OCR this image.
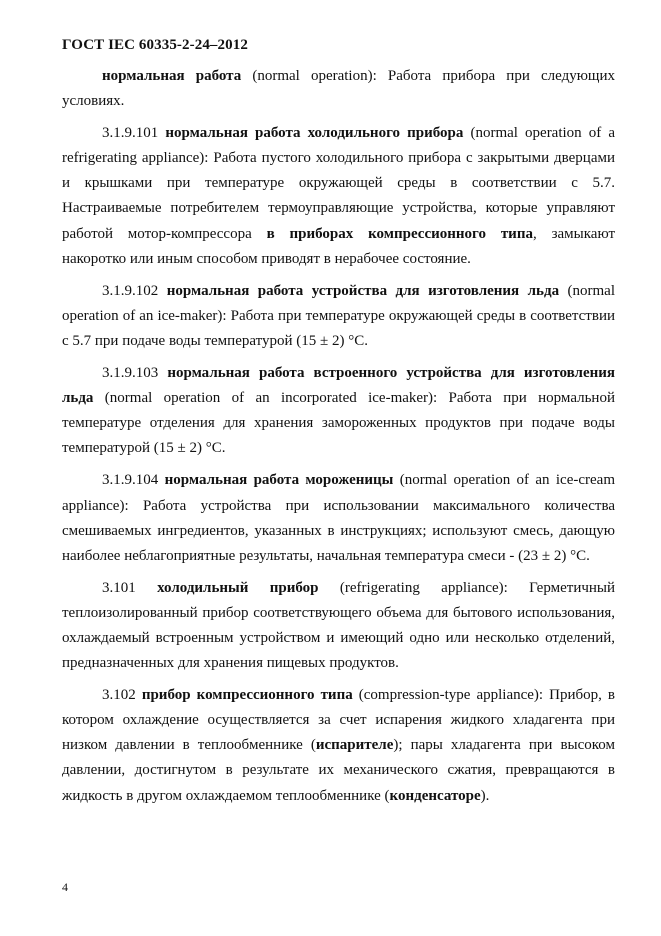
ГОСТ IEC 60335-2-24–2012

нормальная работа (normal operation): Работа прибора при следующих условиях.

3.1.9.101 нормальная работа холодильного прибора (normal operation of a refrigerating appliance): Работа пустого холодильного прибора с закрытыми дверцами и крышками при температуре окружающей среды в соответствии с 5.7. Настраиваемые потребителем термоуправляющие устройства, которые управляют работой мотор-компрессора в приборах компрессионного типа, замыкают накоротко или иным способом приводят в нерабочее состояние.

3.1.9.102 нормальная работа устройства для изготовления льда (normal operation of an ice-maker): Работа при температуре окружающей среды в соответствии с 5.7 при подаче воды температурой (15 ± 2) °С.

3.1.9.103 нормальная работа встроенного устройства для изготовления льда (normal operation of an incorporated ice-maker): Работа при нормальной температуре отделения для хранения замороженных продуктов при подаче воды температурой (15 ± 2) °С.

3.1.9.104 нормальная работа мороженицы (normal operation of an ice-cream appliance): Работа устройства при использовании максимального количества смешиваемых ингредиентов, указанных в инструкциях; используют смесь, дающую наиболее неблагоприятные результаты, начальная температура смеси - (23 ± 2) °С.

3.101 холодильный прибор (refrigerating appliance): Герметичный теплоизолированный прибор соответствующего объема для бытового использования, охлаждаемый встроенным устройством и имеющий одно или несколько отделений, предназначенных для хранения пищевых продуктов.

3.102 прибор компрессионного типа (compression-type appliance): Прибор, в котором охлаждение осуществляется за счет испарения жидкого хладагента при низком давлении в теплообменнике (испарителе); пары хладагента при высоком давлении, достигнутом в результате их механического сжатия, превращаются в жидкость в другом охлаждаемом теплообменнике (конденсаторе).

4
